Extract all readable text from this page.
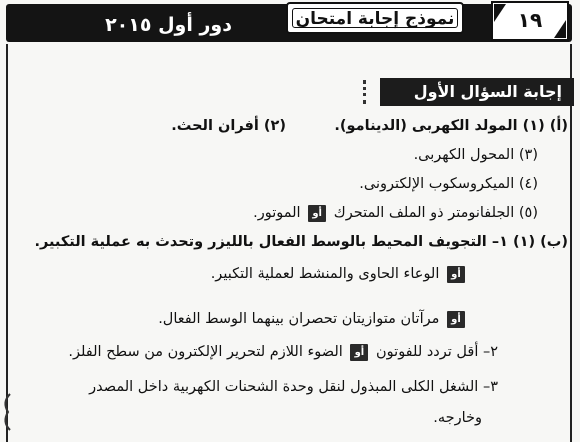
دور أول ٢٠١٥	نموذج إجابة امتحان	١٩
إجابة السؤال الأول
(أ) (١) المولد الكهربى (الدينامو).
(٢) أفران الحث.
(٣) المحول الكهربى.
(٤) الميكروسكوب الإلكترونى.
(٥) الجلفانومتر ذو الملف المتحرك أو الموتور.
(ب) (١) ١– التجويف المحيط بالوسط الفعال بالليزر وتحدث به عملية التكبير.
أو الوعاء الحاوى والمنشط لعملية التكبير.
أو مرآتان متوازيتان تحصران بينهما الوسط الفعال.
٢– أقل تردد للفوتون أو الضوء اللازم لتحرير الإلكترون من سطح الفلز.
٣– الشغل الكلى المبذول لنقل وحدة الشحنات الكهربية داخل المصدر
وخارجه.
